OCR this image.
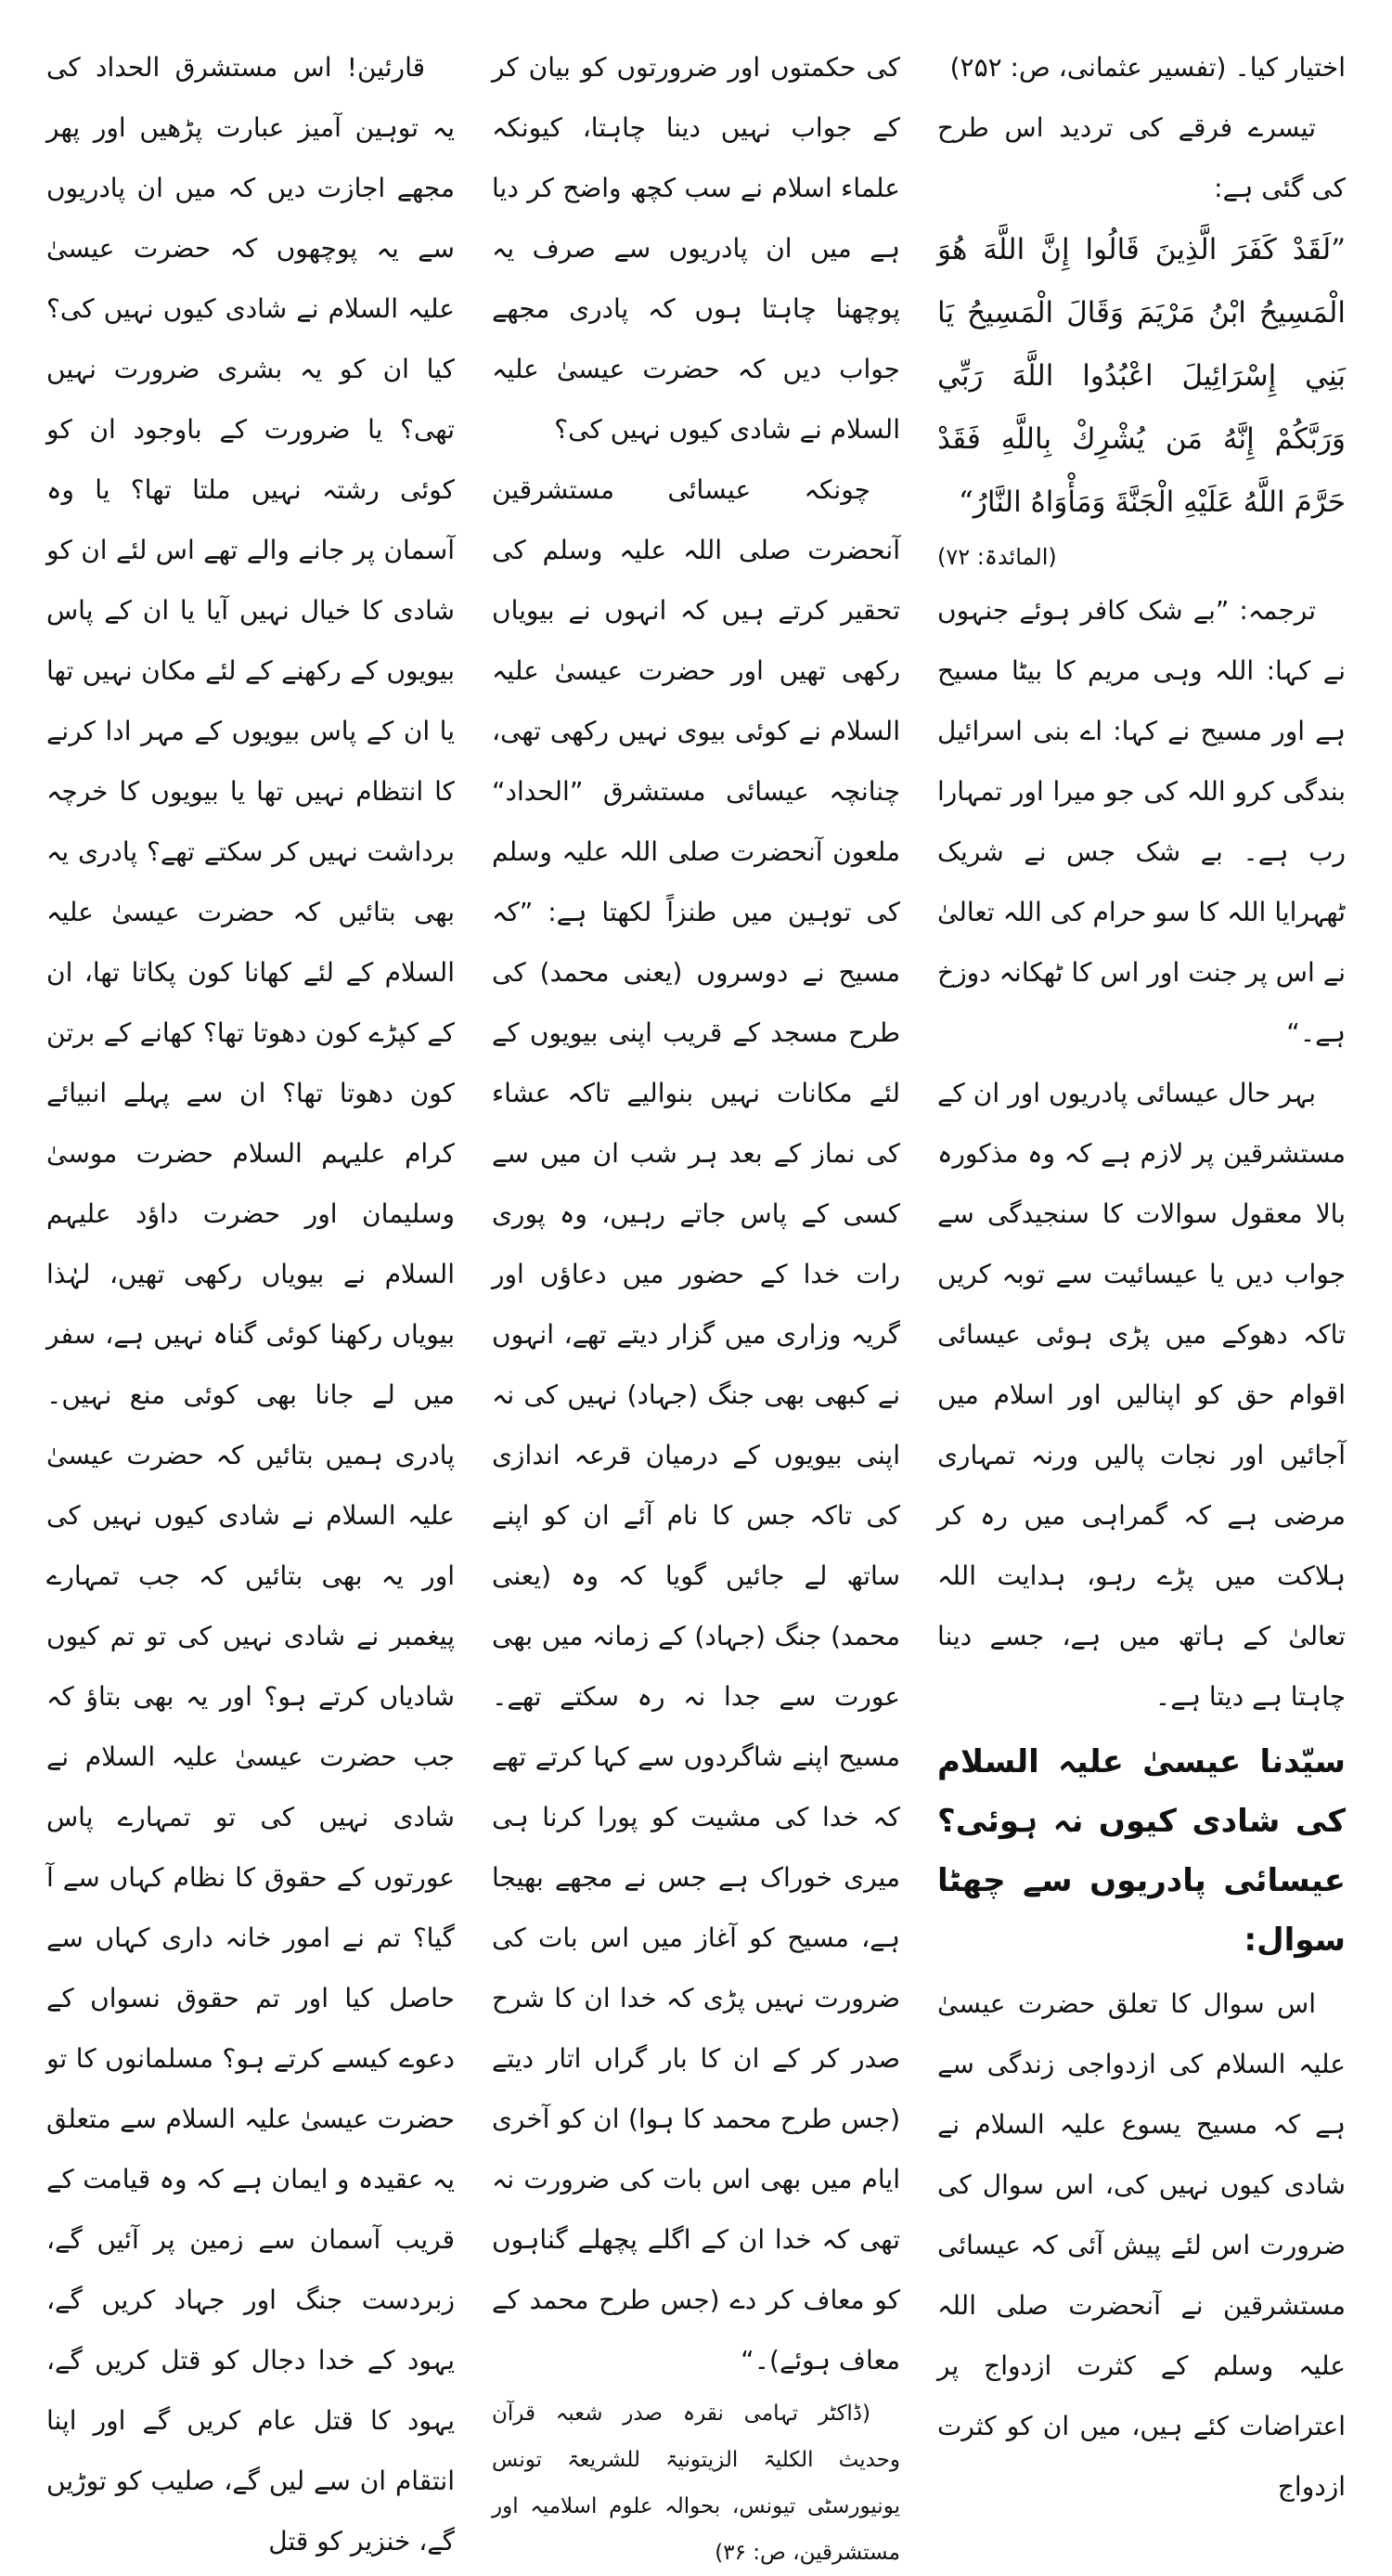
اختیار کیا۔ (تفسیر عثمانی، ص: ۲۵۲)

تیسرے فرقے کی تردید اس طرح کی گئی ہے:

”لَقَدْ كَفَرَ الَّذِينَ قَالُوا إِنَّ اللَّهَ هُوَ الْمَسِيحُ ابْنُ مَرْيَمَ وَقَالَ الْمَسِيحُ يَا بَنِي إِسْرَائِيلَ اعْبُدُوا اللَّهَ رَبِّي وَرَبَّكُمْ إِنَّهُ مَن يُشْرِكْ بِاللَّهِ فَقَدْ حَرَّمَ اللَّهُ عَلَيْهِ الْجَنَّةَ وَمَأْوَاهُ النَّارُ“

(المائدۃ: ۷۲)

ترجمہ: ”بے شک کافر ہوئے جنہوں نے کہا: اللہ وہی مریم کا بیٹا مسیح ہے اور مسیح نے کہا: اے بنی اسرائیل بندگی کرو اللہ کی جو میرا اور تمہارا رب ہے۔ بے شک جس نے شریک ٹھہرایا اللہ کا سو حرام کی اللہ تعالیٰ نے اس پر جنت اور اس کا ٹھکانہ دوزخ ہے۔“

بہر حال عیسائی پادریوں اور ان کے مستشرقین پر لازم ہے کہ وہ مذکورہ بالا معقول سوالات کا سنجیدگی سے جواب دیں یا عیسائیت سے توبہ کریں تاکہ دھوکے میں پڑی ہوئی عیسائی اقوام حق کو اپنالیں اور اسلام میں آجائیں اور نجات پالیں ورنہ تمہاری مرضی ہے کہ گمراہی میں رہ کر ہلاکت میں پڑے رہو، ہدایت اللہ تعالیٰ کے ہاتھ میں ہے، جسے دینا چاہتا ہے دیتا ہے۔

سیّدنا عیسیٰ علیہ السلام کی شادی کیوں نہ ہوئی؟ عیسائی پادریوں سے چھٹا سوال:

اس سوال کا تعلق حضرت عیسیٰ علیہ السلام کی ازدواجی زندگی سے ہے کہ مسیح یسوع علیہ السلام نے شادی کیوں نہیں کی، اس سوال کی ضرورت اس لئے پیش آئی کہ عیسائی مستشرقین نے آنحضرت صلی اللہ علیہ وسلم کے کثرت ازدواج پر اعتراضات کئے ہیں، میں ان کو کثرت ازدواج

کی حکمتوں اور ضرورتوں کو بیان کر کے جواب نہیں دینا چاہتا، کیونکہ علماء اسلام نے سب کچھ واضح کر دیا ہے میں ان پادریوں سے صرف یہ پوچھنا چاہتا ہوں کہ پادری مجھے جواب دیں کہ حضرت عیسیٰ علیہ السلام نے شادی کیوں نہیں کی؟

چونکہ عیسائی مستشرقین آنحضرت صلی اللہ علیہ وسلم کی تحقیر کرتے ہیں کہ انہوں نے بیویاں رکھی تھیں اور حضرت عیسیٰ علیہ السلام نے کوئی بیوی نہیں رکھی تھی، چنانچہ عیسائی مستشرق ”الحداد“ ملعون آنحضرت صلی اللہ علیہ وسلم کی توہین میں طنزاً لکھتا ہے: ”کہ مسیح نے دوسروں (یعنی محمد) کی طرح مسجد کے قریب اپنی بیویوں کے لئے مکانات نہیں بنوالیے تاکہ عشاء کی نماز کے بعد ہر شب ان میں سے کسی کے پاس جاتے رہیں، وہ پوری رات خدا کے حضور میں دعاؤں اور گریہ وزاری میں گزار دیتے تھے، انہوں نے کبھی بھی جنگ (جہاد) نہیں کی نہ اپنی بیویوں کے درمیان قرعہ اندازی کی تاکہ جس کا نام آئے ان کو اپنے ساتھ لے جائیں گویا کہ وہ (یعنی محمد) جنگ (جہاد) کے زمانہ میں بھی عورت سے جدا نہ رہ سکتے تھے۔ مسیح اپنے شاگردوں سے کہا کرتے تھے کہ خدا کی مشیت کو پورا کرنا ہی میری خوراک ہے جس نے مجھے بھیجا ہے، مسیح کو آغاز میں اس بات کی ضرورت نہیں پڑی کہ خدا ان کا شرح صدر کر کے ان کا بار گراں اتار دیتے (جس طرح محمد کا ہوا) ان کو آخری ایام میں بھی اس بات کی ضرورت نہ تھی کہ خدا ان کے اگلے پچھلے گناہوں کو معاف کر دے (جس طرح محمد کے معاف ہوئے)۔“

(ڈاکٹر تہامی نقرہ صدر شعبہ قرآن وحدیث الکلیۃ الزیتونیۃ للشریعۃ تونس یونیورسٹی تیونس، بحوالہ علوم اسلامیہ اور مستشرقین، ص: ۳۶)

قارئین! اس مستشرق الحداد کی یہ توہین آمیز عبارت پڑھیں اور پھر مجھے اجازت دیں کہ میں ان پادریوں سے یہ پوچھوں کہ حضرت عیسیٰ علیہ السلام نے شادی کیوں نہیں کی؟ کیا ان کو یہ بشری ضرورت نہیں تھی؟ یا ضرورت کے باوجود ان کو کوئی رشتہ نہیں ملتا تھا؟ یا وہ آسمان پر جانے والے تھے اس لئے ان کو شادی کا خیال نہیں آیا یا ان کے پاس بیویوں کے رکھنے کے لئے مکان نہیں تھا یا ان کے پاس بیویوں کے مہر ادا کرنے کا انتظام نہیں تھا یا بیویوں کا خرچہ برداشت نہیں کر سکتے تھے؟ پادری یہ بھی بتائیں کہ حضرت عیسیٰ علیہ السلام کے لئے کھانا کون پکاتا تھا، ان کے کپڑے کون دھوتا تھا؟ کھانے کے برتن کون دھوتا تھا؟ ان سے پہلے انبیائے کرام علیہم السلام حضرت موسیٰ وسلیمان اور حضرت داؤد علیہم السلام نے بیویاں رکھی تھیں، لہٰذا بیویاں رکھنا کوئی گناہ نہیں ہے، سفر میں لے جانا بھی کوئی منع نہیں۔ پادری ہمیں بتائیں کہ حضرت عیسیٰ علیہ السلام نے شادی کیوں نہیں کی اور یہ بھی بتائیں کہ جب تمہارے پیغمبر نے شادی نہیں کی تو تم کیوں شادیاں کرتے ہو؟ اور یہ بھی بتاؤ کہ جب حضرت عیسیٰ علیہ السلام نے شادی نہیں کی تو تمہارے پاس عورتوں کے حقوق کا نظام کہاں سے آ گیا؟ تم نے امور خانہ داری کہاں سے حاصل کیا اور تم حقوق نسواں کے دعوے کیسے کرتے ہو؟ مسلمانوں کا تو حضرت عیسیٰ علیہ السلام سے متعلق یہ عقیدہ و ایمان ہے کہ وہ قیامت کے قریب آسمان سے زمین پر آئیں گے، زبردست جنگ اور جہاد کریں گے، یہود کے خدا دجال کو قتل کریں گے، یہود کا قتل عام کریں گے اور اپنا انتقام ان سے لیں گے، صلیب کو توڑیں گے، خنزیر کو قتل
